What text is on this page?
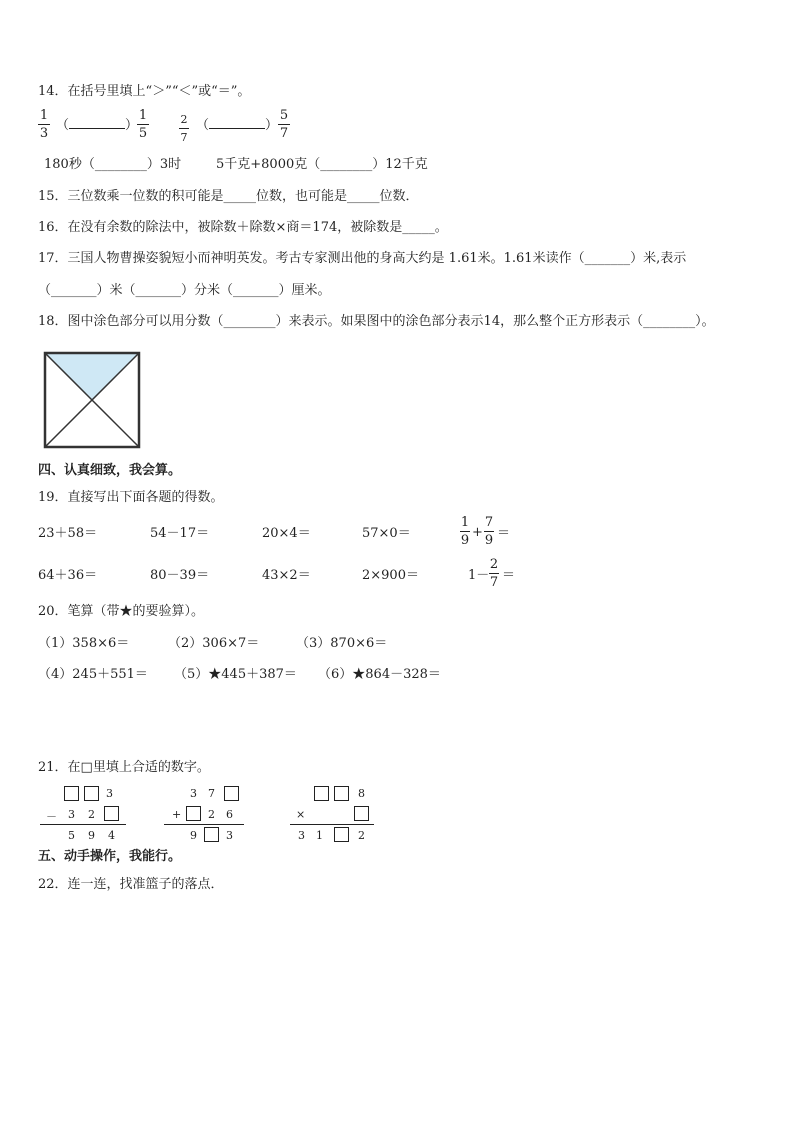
14．在括号里填上“＞”“＜”或“＝”。
1
3
（	）
1
5
2
7
（	）
5
7
180秒（________）3时	5千克+8000克（________）12千克
15．三位数乘一位数的积可能是_____位数，也可能是_____位数．
16．在没有余数的除法中，被除数＋除数×商＝174，被除数是_____。
17．三国人物曹操姿貌短小而神明英发。考古专家测出他的身高大约是 1.61米。1.61米读作（_______）米,表示
（_______）米（_______）分米（_______）厘米。
18．图中涂色部分可以用分数（________）来表示。如果图中的涂色部分表示14，那么整个正方形表示（________）。
四、认真细致，我会算。
19．直接写出下面各题的得数。
23＋58＝	54－17＝	20×4＝	57×0＝
1
9
+
7
9 ＝
64＋36＝	80－39＝	43×2＝	2×900＝	1－
2
7 ＝
20．笔算（带★的要验算）。
（1）358×6＝	（2）306×7＝	（3）870×6＝
（4）245＋551＝ （5）★445＋387＝ （6）★864－328＝
21．在□里填上合适的数字。
3
－ 3 2
5 9 4
3 7
+ 2 6
9	3
8
×
3 1	2
五、动手操作，我能行。
22．连一连，找准篮子的落点．
